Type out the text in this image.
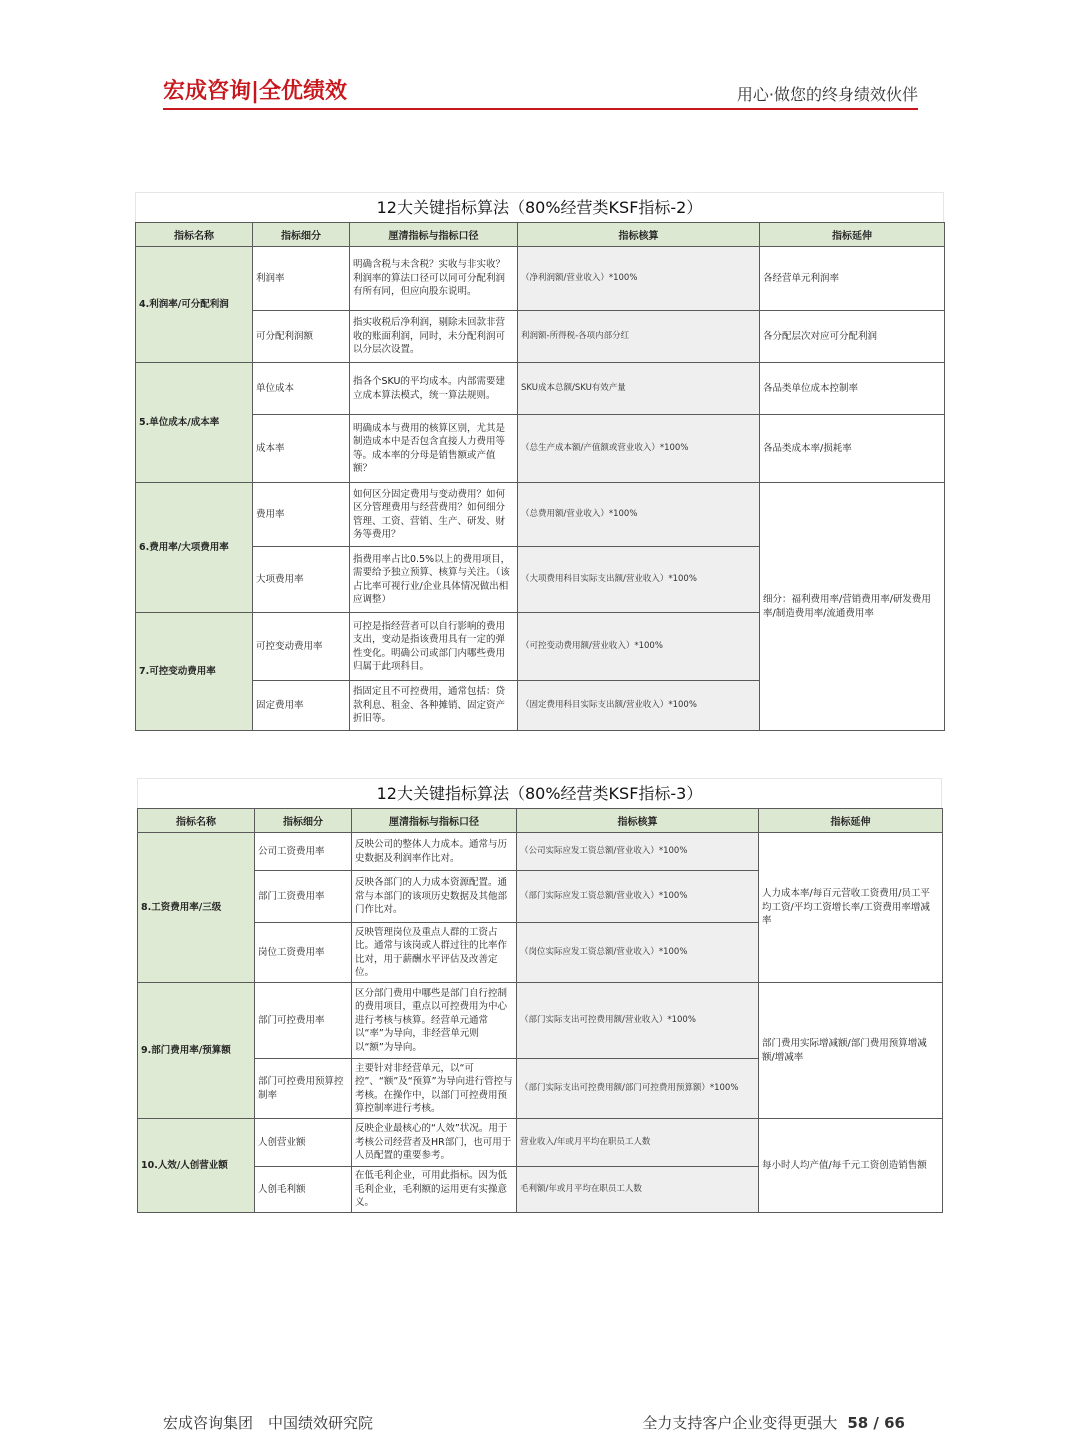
宏成咨询|全优绩效	用心·做您的终身绩效伙伴
12大关键指标算法（80%经营类KSF指标-2）
指标名称	指标细分	厘清指标与指标口径	指标核算	指标延伸
4.利润率/可分配利润	利润率	明确含税与未含税？实收与非实收？利润率的算法口径可以同可分配利润有所有同，但应向股东说明。	（净利润额/营业收入）*100%	各经营单元利润率
	可分配利润额	指实收税后净利润，剔除未回款非营收的账面利润，同时，未分配利润可以分层次设置。	利润额-所得税-各项内部分红	各分配层次对应可分配利润
5.单位成本/成本率	单位成本	指各个SKU的平均成本。内部需要建立成本算法模式，统一算法规则。	SKU成本总额/SKU有效产量	各品类单位成本控制率
	成本率	明确成本与费用的核算区别，尤其是制造成本中是否包含直接人力费用等等。成本率的分母是销售额或产值额？	（总生产成本额/产值额或营业收入）*100%	各品类成本率/损耗率
6.费用率/大项费用率	费用率	如何区分固定费用与变动费用？如何区分管理费用与经营费用？如何细分管理、工资、营销、生产、研发、财务等费用？	（总费用额/营业收入）*100%	细分：福利费用率/营销费用率/研发费用率/制造费用率/流通费用率
	大项费用率	指费用率占比0.5%以上的费用项目，需要给予独立预算、核算与关注。（该占比率可视行业/企业具体情况做出相应调整）	（大项费用科目实际支出额/营业收入）*100%	
7.可控变动费用率	可控变动费用率	可控是指经营者可以自行影响的费用支出，变动是指该费用具有一定的弹性变化。明确公司或部门内哪些费用归属于此项科目。	（可控变动费用额/营业收入）*100%	
	固定费用率	指固定且不可控费用，通常包括：贷款利息、租金、各种摊销、固定资产折旧等。	（固定费用科目实际支出额/营业收入）*100%	
12大关键指标算法（80%经营类KSF指标-3）
指标名称	指标细分	厘清指标与指标口径	指标核算	指标延伸
8.工资费用率/三级	公司工资费用率	反映公司的整体人力成本。通常与历史数据及利润率作比对。	（公司实际应发工资总额/营业收入）*100%	人力成本率/每百元营收工资费用/员工平均工资/平均工资增长率/工资费用率增减率
	部门工资费用率	反映各部门的人力成本资源配置。通常与本部门的该项历史数据及其他部门作比对。	（部门实际应发工资总额/营业收入）*100%	
	岗位工资费用率	反映管理岗位及重点人群的工资占比。通常与该岗或人群过往的比率作比对，用于薪酬水平评估及改善定位。	（岗位实际应发工资总额/营业收入）*100%	
9.部门费用率/预算额	部门可控费用率	区分部门费用中哪些是部门自行控制的费用项目，重点以可控费用为中心进行考核与核算。经营单元通常以“率”为导向，非经营单元则以“额”为导向。	（部门实际支出可控费用额/营业收入）*100%	部门费用实际增减额/部门费用预算增减额/增减率
	部门可控费用预算控制率	主要针对非经营单元，以“可控”、“额”及“预算”为导向进行管控与考核。在操作中，以部门可控费用预算控制率进行考核。	（部门实际支出可控费用额/部门可控费用预算额）*100%	
10.人效/人创营业额	人创营业额	反映企业最核心的“人效”状况。用于考核公司经营者及HR部门，也可用于人员配置的重要参考。	营业收入/年或月平均在职员工人数	每小时人均产值/每千元工资创造销售额
	人创毛利额	在低毛利企业，可用此指标。因为低毛利企业，毛利额的运用更有实操意义。	毛利额/年或月平均在职员工人数	
宏成咨询集团　中国绩效研究院	全力支持客户企业变得更强大 58 / 66
